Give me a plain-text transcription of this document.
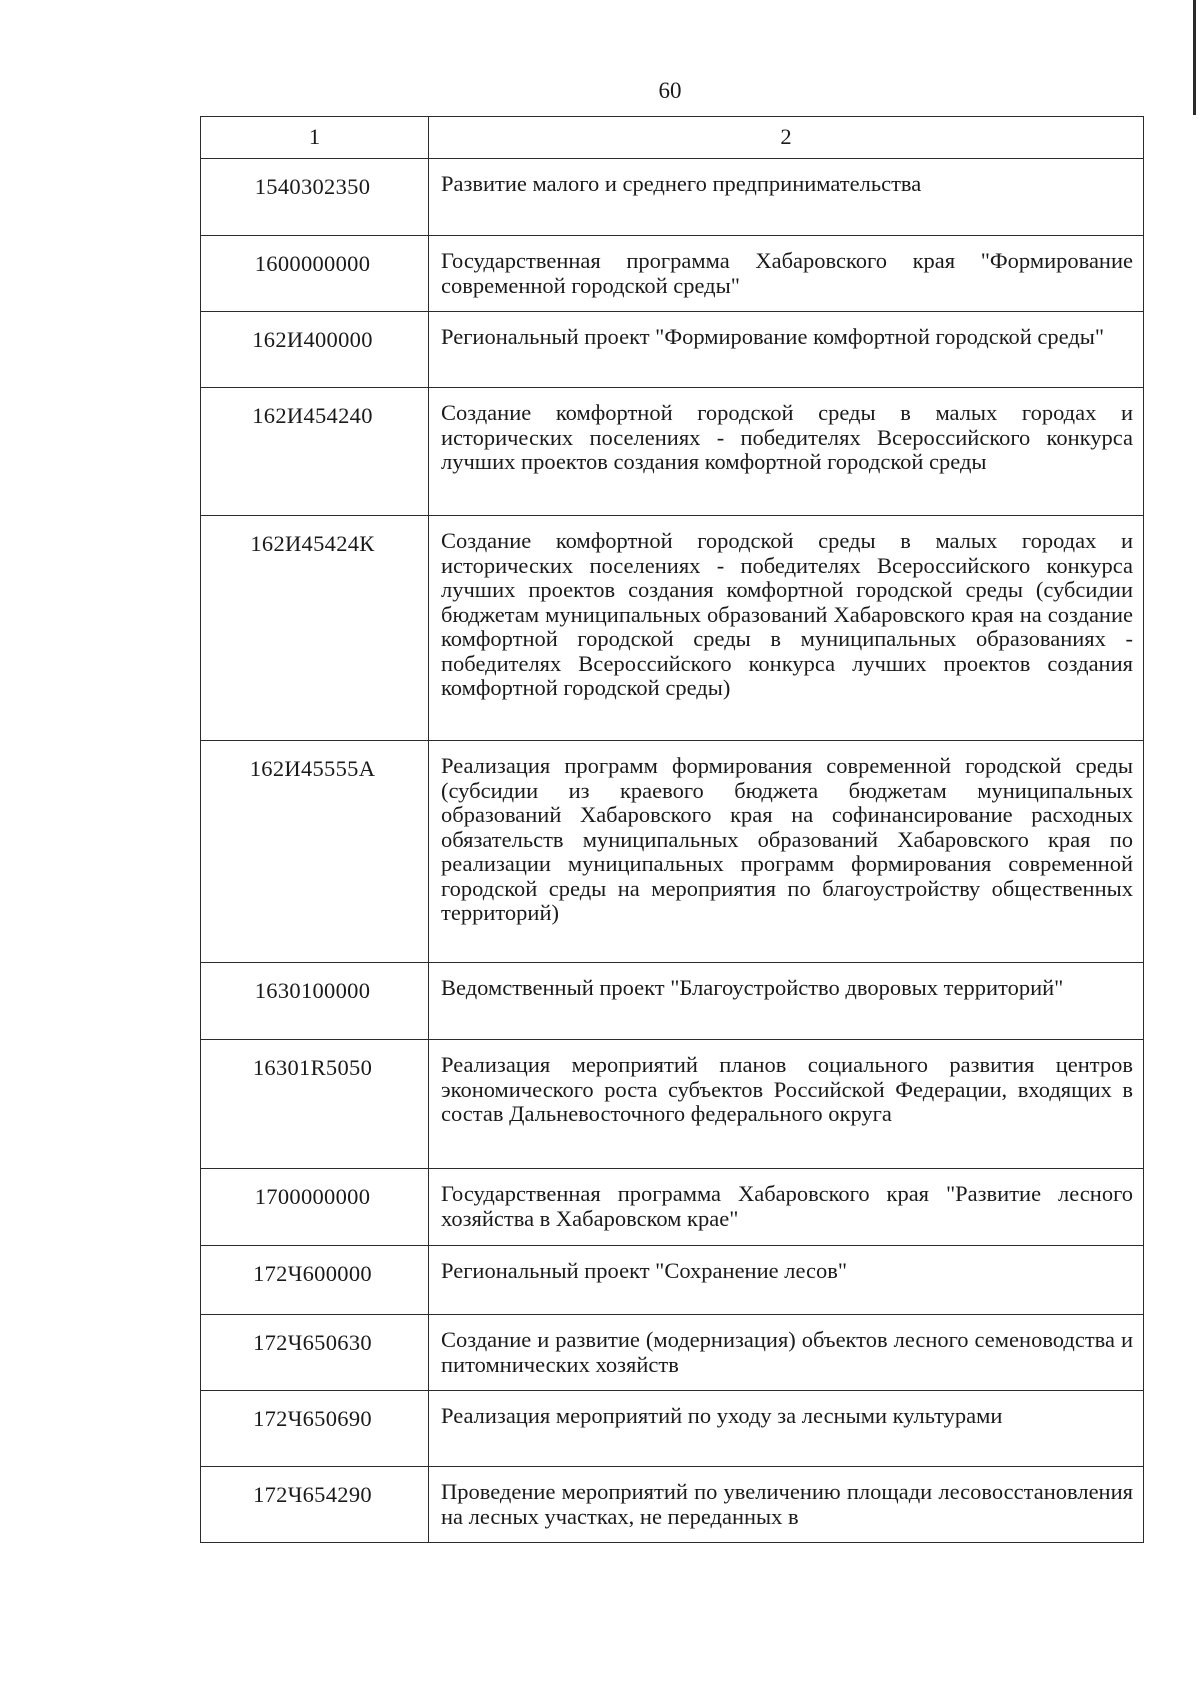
60
1	2
1540302350	Развитие малого и среднего предпринимательства
1600000000	Государственная программа Хабаровского края "Формирование современной городской среды"
162И400000	Региональный проект "Формирование комфортной городской среды"
162И454240	Создание комфортной городской среды в малых городах и исторических поселениях - победителях Всероссийского конкурса лучших проектов создания комфортной городской среды
162И45424К	Создание комфортной городской среды в малых городах и исторических поселениях - победителях Всероссийского конкурса лучших проектов создания комфортной городской среды (субсидии бюджетам муниципальных образований Хабаровского края на создание комфортной городской среды в муниципальных образованиях - победителях Всероссийского конкурса лучших проектов создания комфортной городской среды)
162И45555А	Реализация программ формирования современной городской среды (субсидии из краевого бюджета бюджетам муниципальных образований Хабаровского края на софинансирование расходных обязательств муниципальных образований Хабаровского края по реализации муниципальных программ формирования современной городской среды на мероприятия по благоустройству общественных территорий)
1630100000	Ведомственный проект "Благоустройство дворовых территорий"
16301R5050	Реализация мероприятий планов социального развития центров экономического роста субъектов Российской Федерации, входящих в состав Дальневосточного федерального округа
1700000000	Государственная программа Хабаровского края "Развитие лесного хозяйства в Хабаровском крае"
172Ч600000	Региональный проект "Сохранение лесов"
172Ч650630	Создание и развитие (модернизация) объектов лесного семеноводства и питомнических хозяйств
172Ч650690	Реализация мероприятий по уходу за лесными культурами
172Ч654290	Проведение мероприятий по увеличению площади лесовосстановления на лесных участках, не переданных в
